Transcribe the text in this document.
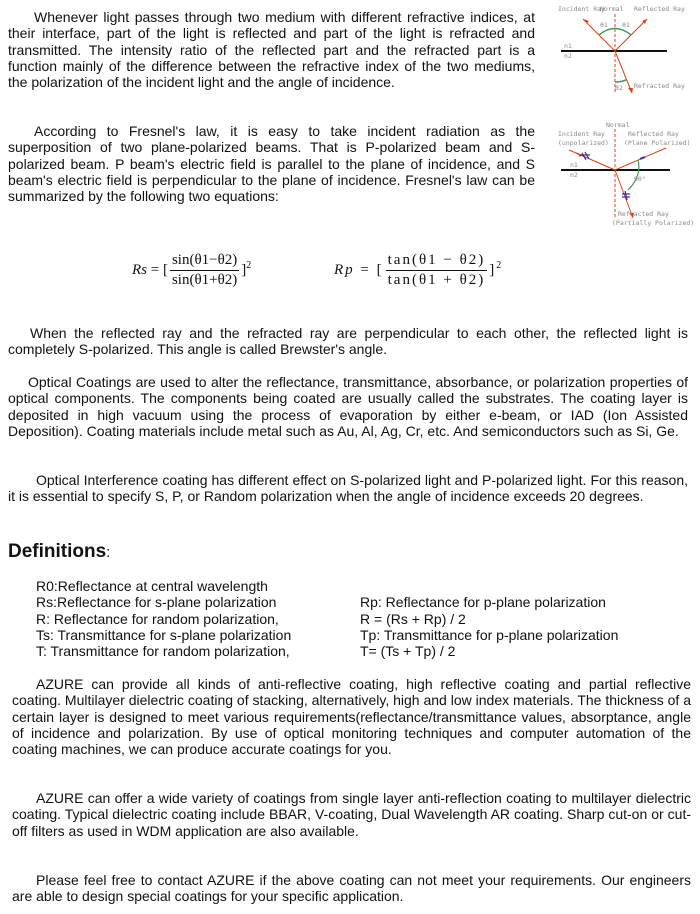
Whenever light passes through two medium with different refractive indices, at their interface, part of the light is reflected and part of the light is refracted and transmitted. The intensity ratio of the reflected part and the refracted part is a function mainly of the difference between the refractive index of the two mediums, the polarization of the incident light and the angle of incidence.

Incident Ray
Normal Reflected Ray
n1
n2
θ1 θ1
θ2 Refracted Ray

According to Fresnel's law, it is easy to take incident radiation as the superposition of two plane-polarized beams. That is P-polarized beam and S-polarized beam. P beam's electric field is parallel to the plane of incidence, and S beam's electric field is perpendicular to the plane of incidence. Fresnel's law can be summarized by the following two equations:

Normal
Incident Ray
(unpolarized)
Reflected Ray
(Plane Polarized)
n1
n2	90°
Refracted Ray
(Partially Polarized)
Rs = [ $\frac{\sin(\theta 1-\theta 2)}{\sin(\theta 1+\theta 2)} ]^2$	Rp = [ $\frac{\tan(\theta 1 - \theta 2)}{\tan(\theta 1 + \theta 2)} ]^2$

When the reflected ray and the refracted ray are perpendicular to each other, the reflected light is completely S-polarized. This angle is called Brewster's angle.

Optical Coatings are used to alter the reflectance, transmittance, absorbance, or polarization properties of optical components. The components being coated are usually called the substrates. The coating layer is deposited in high vacuum using the process of evaporation by either e-beam, or IAD (Ion Assisted Deposition). Coating materials include metal such as Au, Al, Ag, Cr, etc. And semiconductors such as Si, Ge.

Optical Interference coating has different effect on S-polarized light and P-polarized light. For this reason, it is essential to specify S, P, or Random polarization when the angle of incidence exceeds 20 degrees.

Definitions:
R0:Reflectance at central wavelength
Rs:Reflectance for s-plane polarization	Rp: Reflectance for p-plane polarization
R: Reflectance for random polarization,	R = (Rs + Rp) / 2
Ts: Transmittance for s-plane polarization	Tp: Transmittance for p-plane polarization
T: Transmittance for random polarization,	T= (Ts + Tp) / 2

AZURE can provide all kinds of anti-reflective coating, high reflective coating and partial reflective coating. Multilayer dielectric coating of stacking, alternatively, high and low index materials. The thickness of a certain layer is designed to meet various requirements(reflectance/transmittance values, absorptance, angle of incidence and polarization. By use of optical monitoring techniques and computer automation of the coating machines, we can produce accurate coatings for you.

AZURE can offer a wide variety of coatings from single layer anti-reflection coating to multilayer dielectric coating. Typical dielectric coating include BBAR, V-coating, Dual Wavelength AR coating. Sharp cut-on or cut-off filters as used in WDM application are also available.

Please feel free to contact AZURE if the above coating can not meet your requirements. Our engineers are able to design special coatings for your specific application.
